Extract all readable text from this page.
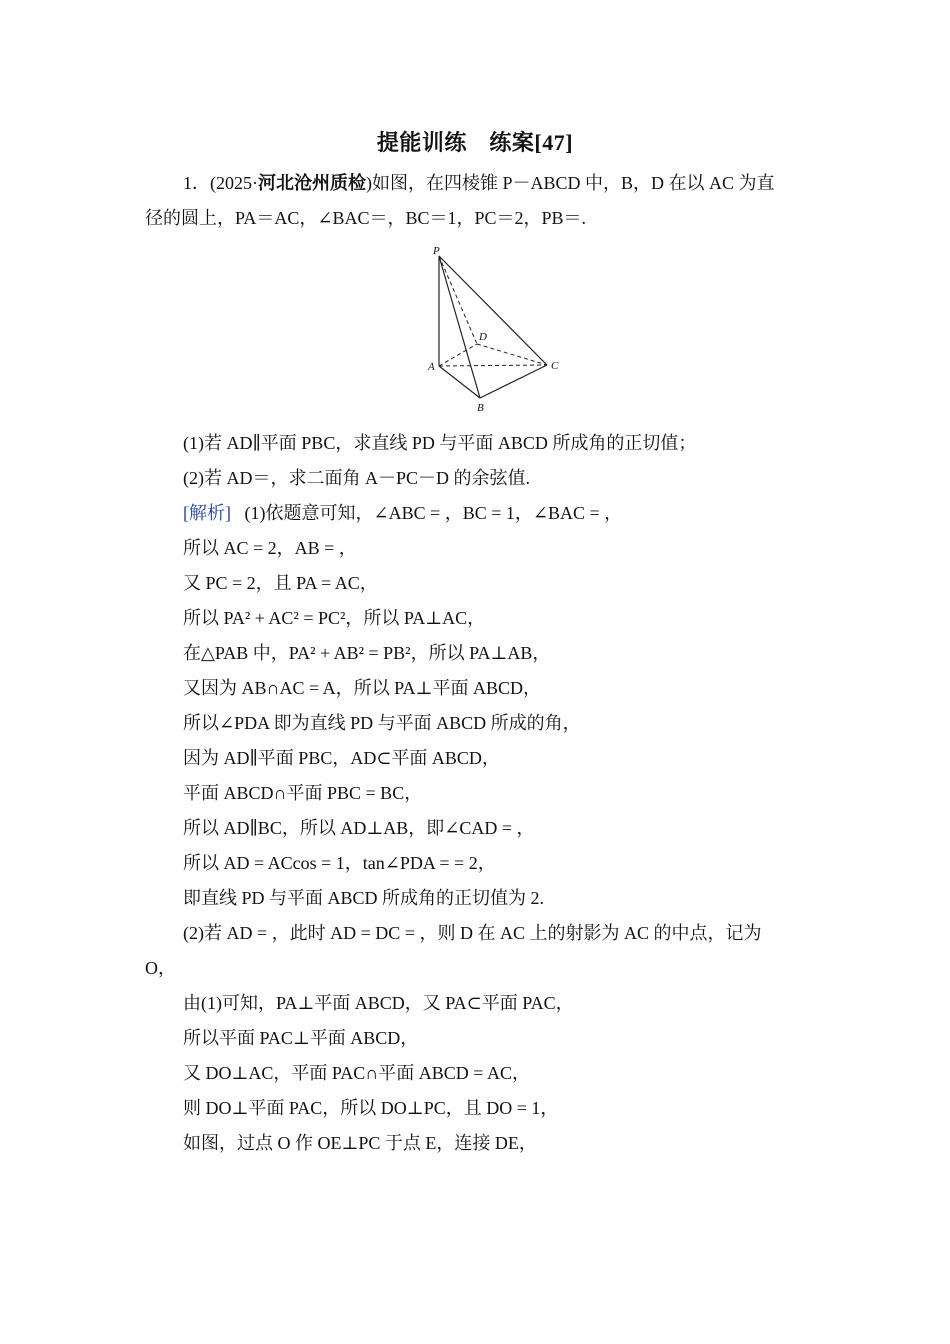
提能训练　练案[47]
1．(2025·河北沧州质检)如图，在四棱锥 P－ABCD 中，B，D 在以 AC 为直
径的圆上，PA＝AC，∠BAC＝，BC＝1，PC＝2，PB＝.
P
D
A	C
B
(1)若 AD∥平面 PBC，求直线 PD 与平面 ABCD 所成角的正切值；
(2)若 AD＝，求二面角 A－PC－D 的余弦值.
[解析] (1)依题意可知，∠ABC = ，BC = 1，∠BAC = ，
所以 AC = 2，AB = ，
又 PC = 2，且 PA = AC，
所以 PA² + AC² = PC²，所以 PA⊥AC，
在△PAB 中，PA² + AB² = PB²，所以 PA⊥AB，
又因为 AB∩AC = A，所以 PA⊥平面 ABCD，
所以∠PDA 即为直线 PD 与平面 ABCD 所成的角，
因为 AD∥平面 PBC，AD⊂平面 ABCD，
平面 ABCD∩平面 PBC = BC，
所以 AD∥BC，所以 AD⊥AB，即∠CAD = ，
所以 AD = ACcos = 1，tan∠PDA = = 2，
即直线 PD 与平面 ABCD 所成角的正切值为 2.
(2)若 AD = ，此时 AD = DC = ，则 D 在 AC 上的射影为 AC 的中点，记为
O，
由(1)可知，PA⊥平面 ABCD，又 PA⊂平面 PAC，
所以平面 PAC⊥平面 ABCD，
又 DO⊥AC，平面 PAC∩平面 ABCD = AC，
则 DO⊥平面 PAC，所以 DO⊥PC，且 DO = 1，
如图，过点 O 作 OE⊥PC 于点 E，连接 DE，
